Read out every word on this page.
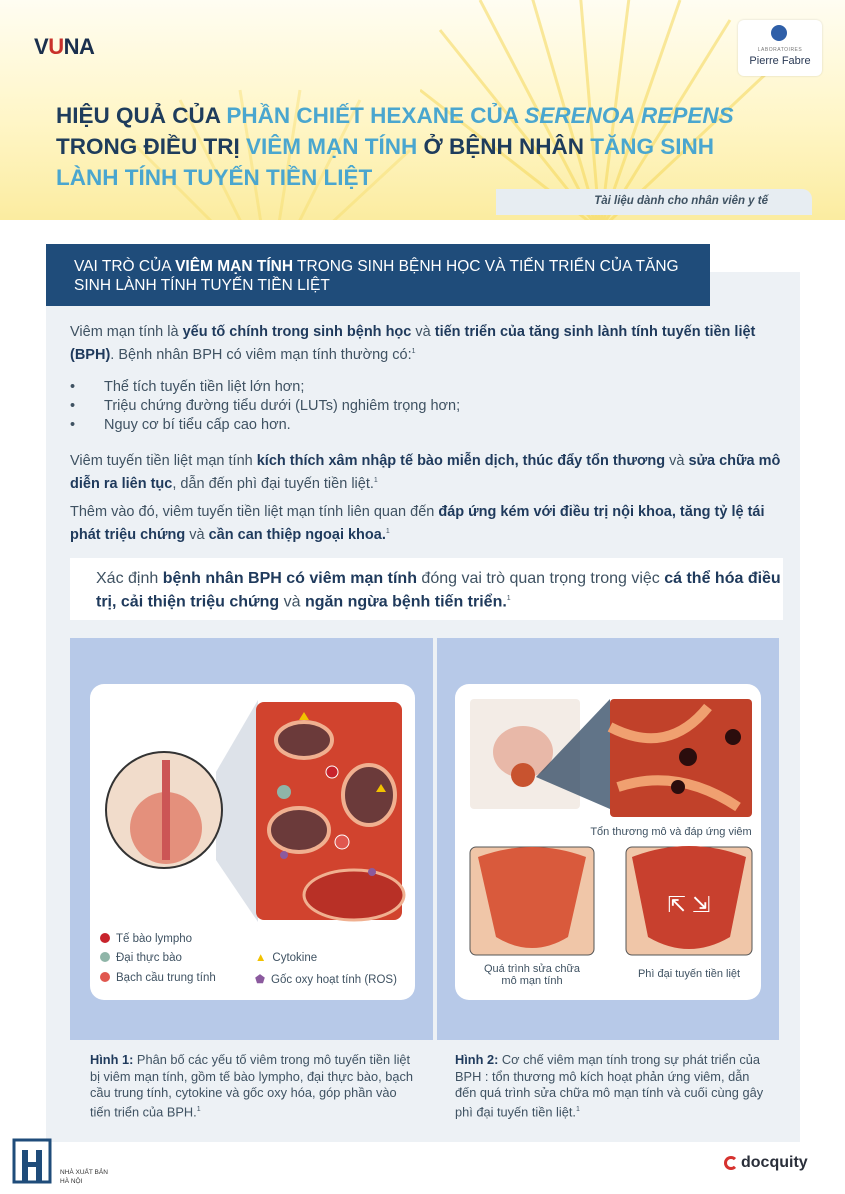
VUNA	LABORATOIRES
Pierre Fabre
HIỆU QUẢ CỦA PHẦN CHIẾT HEXANE CỦA SERENOA REPENS
TRONG ĐIỀU TRỊ VIÊM MẠN TÍNH Ở BỆNH NHÂN TĂNG SINH
LÀNH TÍNH TUYẾN TIỀN LIỆT
Tài liệu dành cho nhân viên y tế
VAI TRÒ CỦA VIÊM MẠN TÍNH TRONG SINH BỆNH HỌC VÀ TIẾN TRIỂN CỦA TĂNG SINH LÀNH TÍNH TUYẾN TIỀN LIỆT
Viêm mạn tính là yếu tố chính trong sinh bệnh học và tiến triển của tăng sinh lành tính tuyến tiền liệt (BPH). Bệnh nhân BPH có viêm mạn tính thường có:$^1$
• Thể tích tuyến tiền liệt lớn hơn;
• Triệu chứng đường tiểu dưới (LUTs) nghiêm trọng hơn;
• Nguy cơ bí tiểu cấp cao hơn.
Viêm tuyến tiền liệt mạn tính kích thích xâm nhập tế bào miễn dịch, thúc đẩy tổn thương và sửa chữa mô diễn ra liên tục, dẫn đến phì đại tuyến tiền liệt.$^1$
Thêm vào đó, viêm tuyến tiền liệt mạn tính liên quan đến đáp ứng kém với điều trị nội khoa, tăng tỷ lệ tái phát triệu chứng và cần can thiệp ngoại khoa.$^1$
Xác định bệnh nhân BPH có viêm mạn tính đóng vai trò quan trọng trong việc cá thể hóa điều trị, cải thiện triệu chứng và ngăn ngừa bệnh tiến triển.$^1$
Tế bào lympho
Đại thực bào
Bạch cầu trung tính
▲ Cytokine
⬟ Gốc oxy hoạt tính (ROS)
Hình 1: Phân bố các yếu tố viêm trong mô tuyến tiền liệt bị viêm mạn tính, gồm tế bào lympho, đại thực bào, bạch cầu trung tính, cytokine và gốc oxy hóa, góp phần vào tiến triển của BPH.$^1$
⇱ ⇲
Tổn thương mô và đáp ứng viêm
Quá trình sửa chữa
mô mạn tính
Phì đại tuyến tiền liệt
Hình 2: Cơ chế viêm mạn tính trong sự phát triển của BPH : tổn thương mô kích hoạt phản ứng viêm, dẫn đến quá trình sửa chữa mô mạn tính và cuối cùng gây phì đại tuyến tiền liệt.$^1$
NHÀ XUẤT BẢN
HÀ NỘI
docquity
